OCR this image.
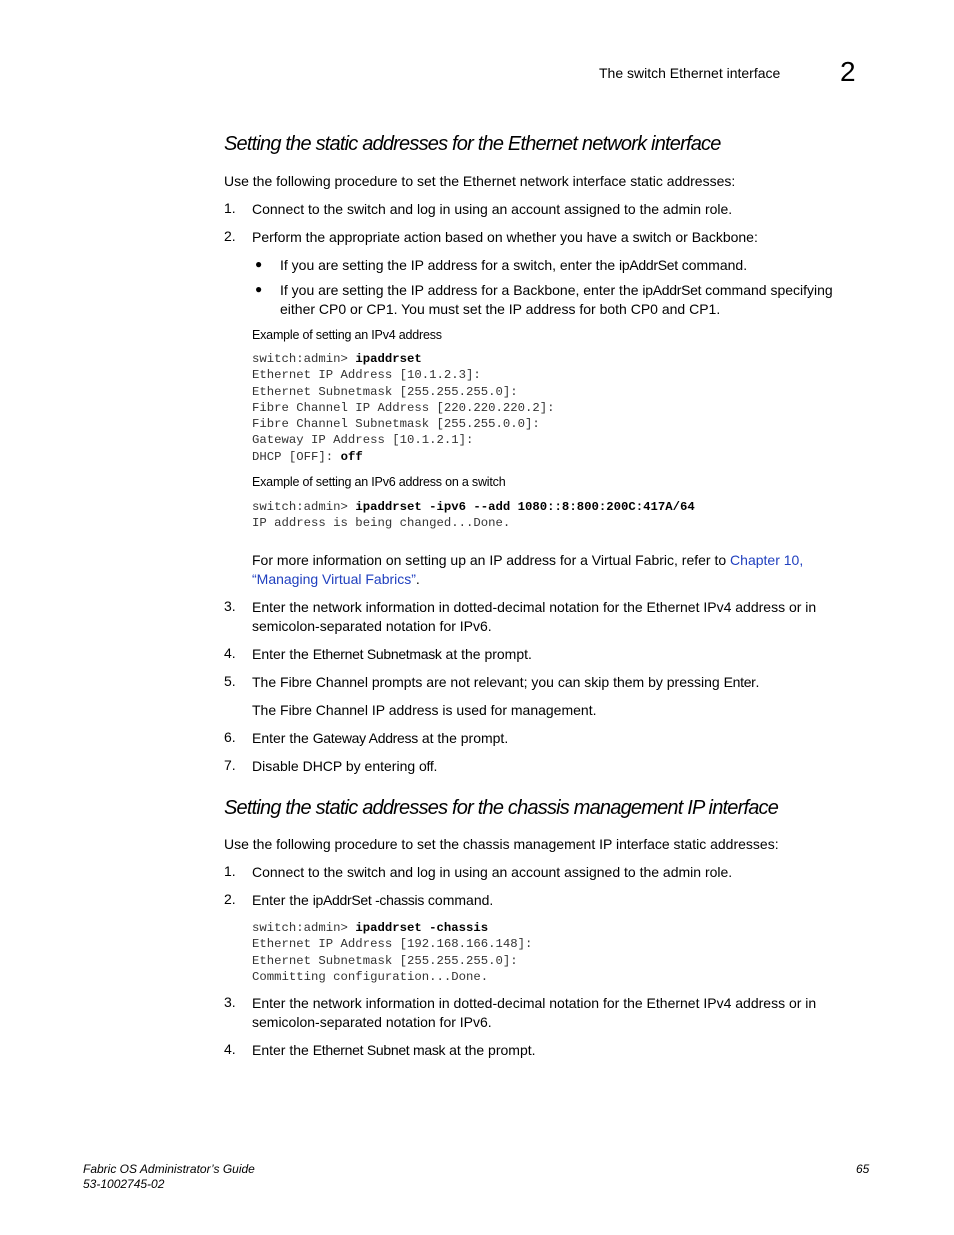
The switch Ethernet interface 2
Setting the static addresses for the Ethernet network interface
Use the following procedure to set the Ethernet network interface static addresses:
1. Connect to the switch and log in using an account assigned to the admin role.
2. Perform the appropriate action based on whether you have a switch or Backbone:
● If you are setting the IP address for a switch, enter the ipAddrSet command.
● If you are setting the IP address for a Backbone, enter the ipAddrSet command specifying either CP0 or CP1. You must set the IP address for both CP0 and CP1.
Example of setting an IPv4 address
switch:admin> ipaddrset
Ethernet IP Address [10.1.2.3]:
Ethernet Subnetmask [255.255.255.0]:
Fibre Channel IP Address [220.220.220.2]:
Fibre Channel Subnetmask [255.255.0.0]:
Gateway IP Address [10.1.2.1]:
DHCP [OFF]: off
Example of setting an IPv6 address on a switch
switch:admin> ipaddrset -ipv6 --add 1080::8:800:200C:417A/64
IP address is being changed...Done.
For more information on setting up an IP address for a Virtual Fabric, refer to Chapter 10,
“Managing Virtual Fabrics”.
3. Enter the network information in dotted-decimal notation for the Ethernet IPv4 address or in semicolon-separated notation for IPv6.
4. Enter the Ethernet Subnetmask at the prompt.
5. The Fibre Channel prompts are not relevant; you can skip them by pressing Enter.
The Fibre Channel IP address is used for management.
6. Enter the Gateway Address at the prompt.
7. Disable DHCP by entering off.
Setting the static addresses for the chassis management IP interface
Use the following procedure to set the chassis management IP interface static addresses:
1. Connect to the switch and log in using an account assigned to the admin role.
2. Enter the ipAddrSet -chassis command.
switch:admin> ipaddrset -chassis
Ethernet IP Address [192.168.166.148]:
Ethernet Subnetmask [255.255.255.0]:
Committing configuration...Done.
3. Enter the network information in dotted-decimal notation for the Ethernet IPv4 address or in semicolon-separated notation for IPv6.
4. Enter the Ethernet Subnet mask at the prompt.
Fabric OS Administrator’s Guide
53-1002745-02
65
